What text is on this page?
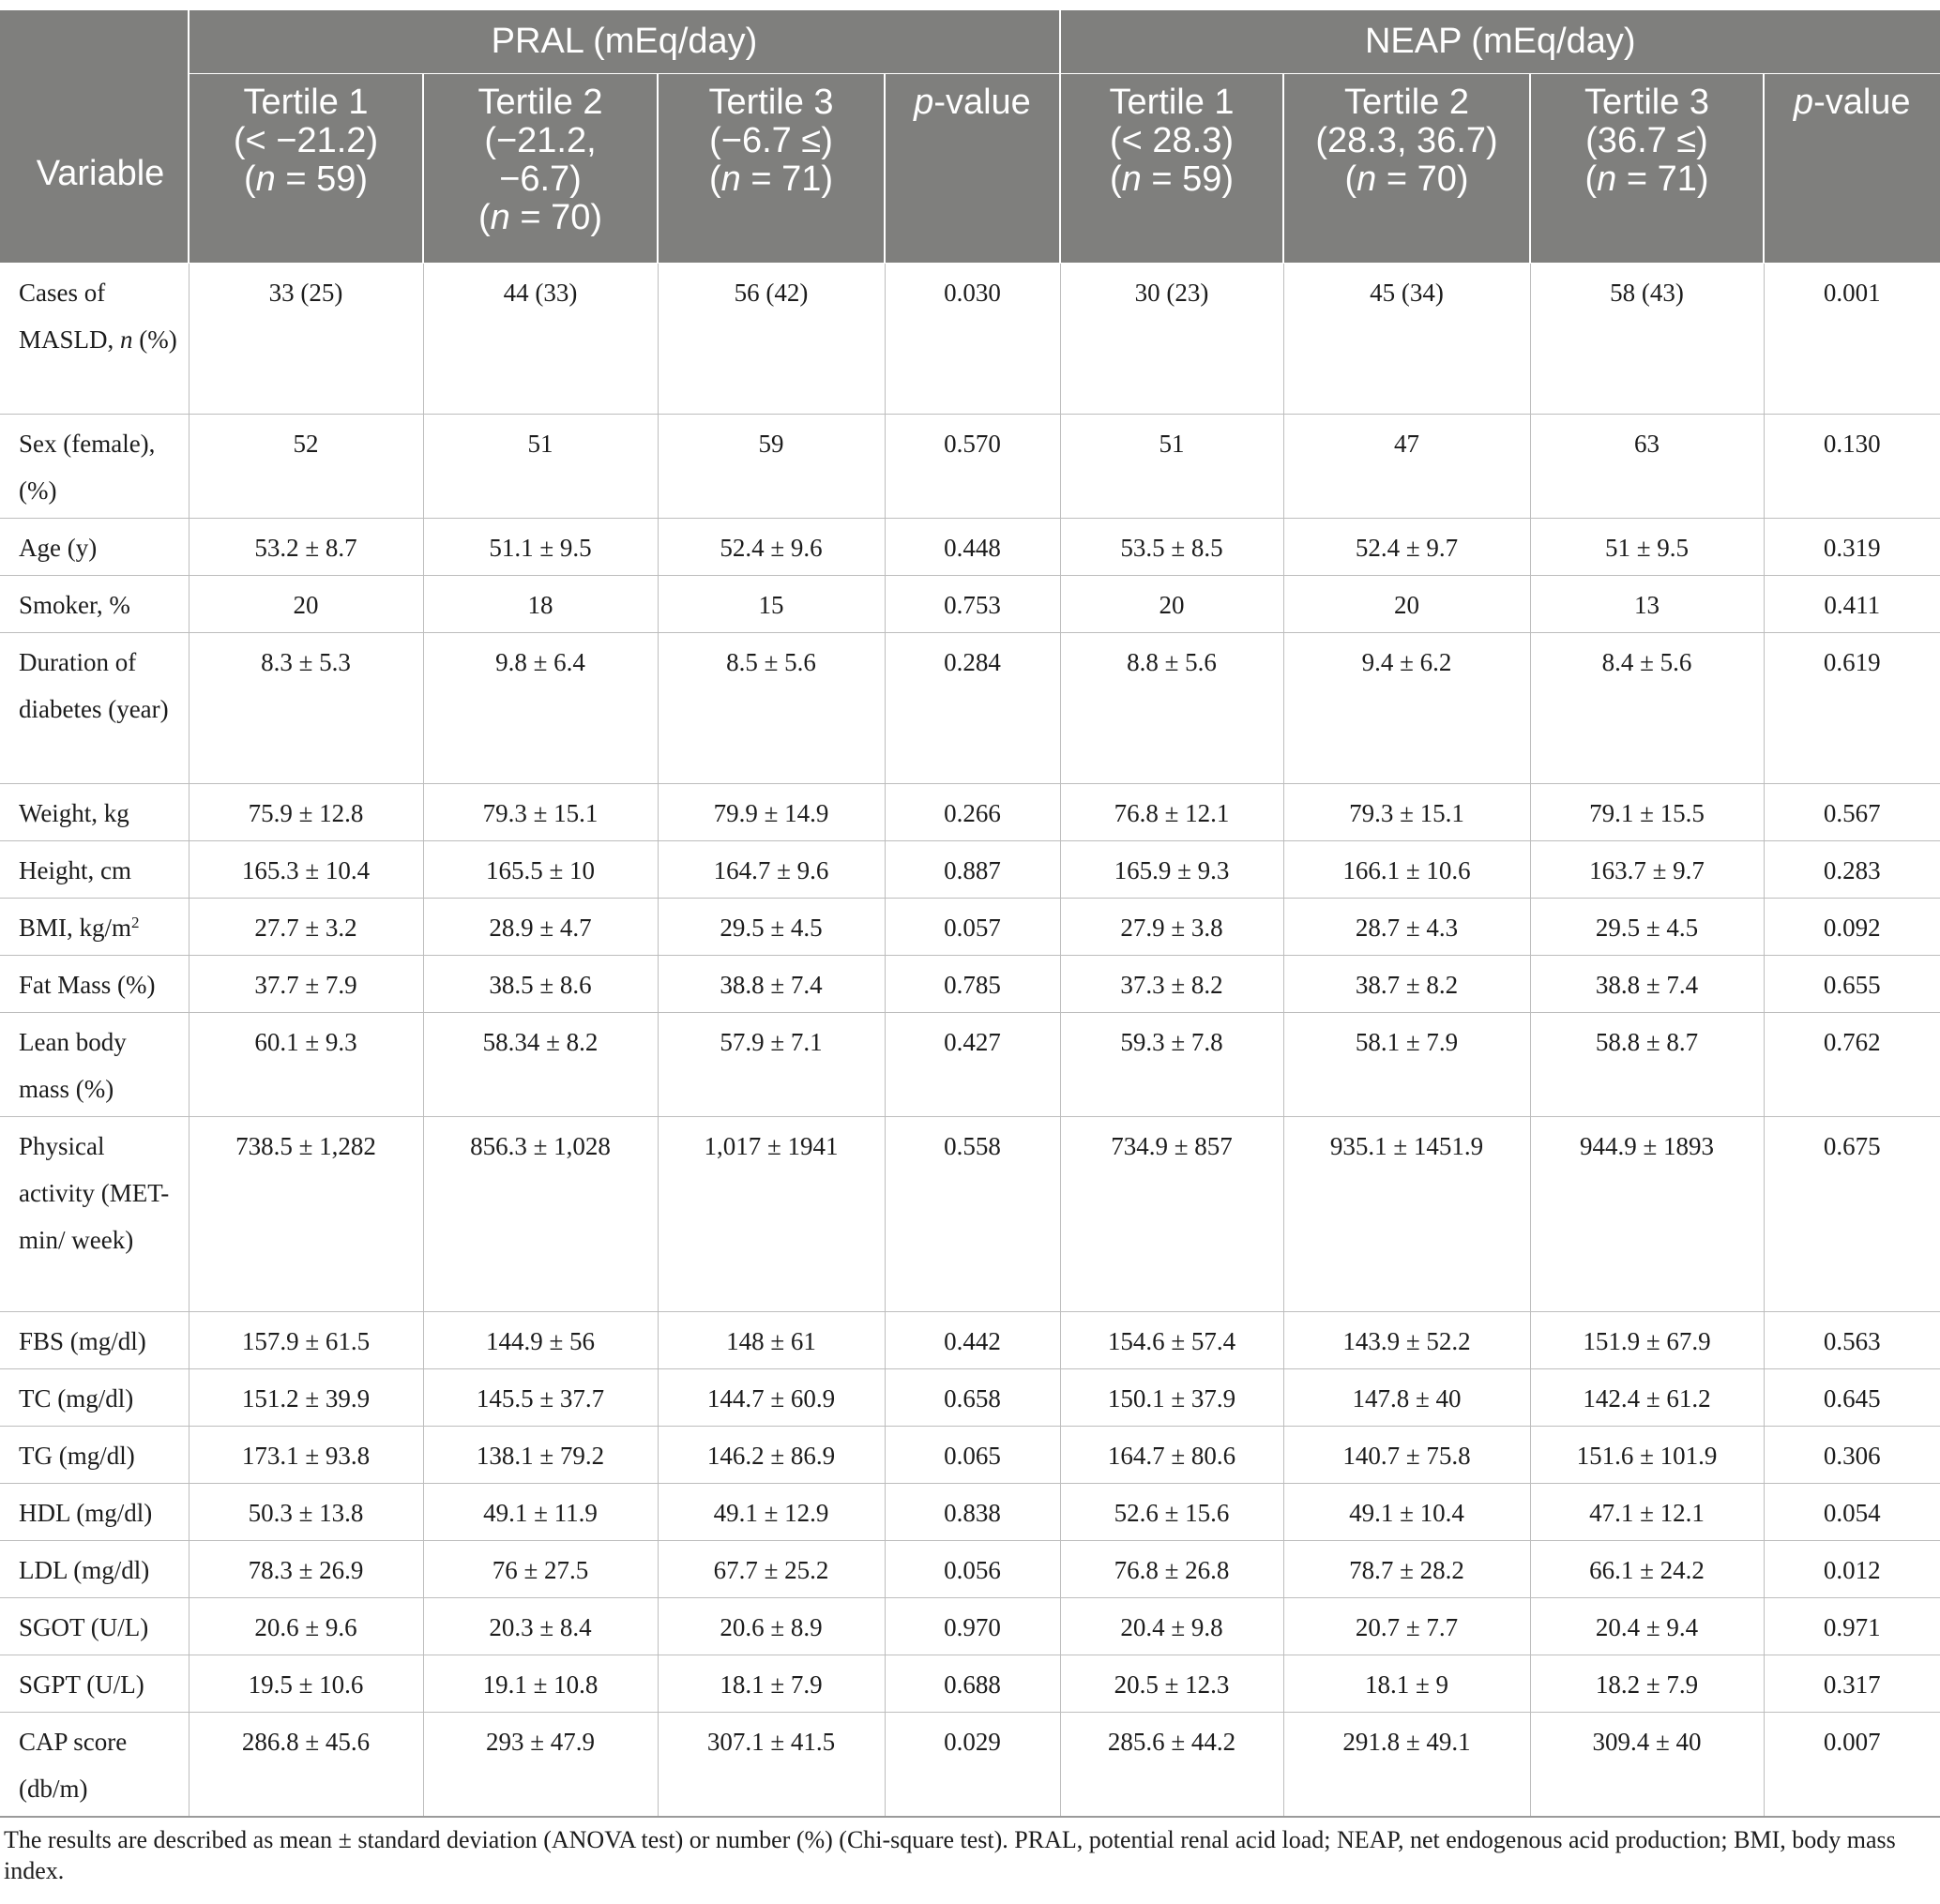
Variable	PRAL (mEq/day)				NEAP (mEq/day)			
	Tertile 1
(< −21.2)
(n = 59)	Tertile 2
(−21.2,
−6.7)
(n = 70)	Tertile 3
(−6.7 ≤)
(n = 71)	p-value	Tertile 1
(< 28.3)
(n = 59)	Tertile 2
(28.3, 36.7)
(n = 70)	Tertile 3
(36.7 ≤)
(n = 71)	p-value
Cases of MASLD, n (%)	33 (25)	44 (33)	56 (42)	0.030	30 (23)	45 (34)	58 (43)	0.001
Sex (female), (%)	52	51	59	0.570	51	47	63	0.130
Age (y)	53.2 ± 8.7	51.1 ± 9.5	52.4 ± 9.6	0.448	53.5 ± 8.5	52.4 ± 9.7	51 ± 9.5	0.319
Smoker, %	20	18	15	0.753	20	20	13	0.411
Duration of diabetes (year)	8.3 ± 5.3	9.8 ± 6.4	8.5 ± 5.6	0.284	8.8 ± 5.6	9.4 ± 6.2	8.4 ± 5.6	0.619
Weight, kg	75.9 ± 12.8	79.3 ± 15.1	79.9 ± 14.9	0.266	76.8 ± 12.1	79.3 ± 15.1	79.1 ± 15.5	0.567
Height, cm	165.3 ± 10.4	165.5 ± 10	164.7 ± 9.6	0.887	165.9 ± 9.3	166.1 ± 10.6	163.7 ± 9.7	0.283
BMI, $kg/m^2$	27.7 ± 3.2	28.9 ± 4.7	29.5 ± 4.5	0.057	27.9 ± 3.8	28.7 ± 4.3	29.5 ± 4.5	0.092
Fat Mass (%)	37.7 ± 7.9	38.5 ± 8.6	38.8 ± 7.4	0.785	37.3 ± 8.2	38.7 ± 8.2	38.8 ± 7.4	0.655
Lean body mass (%)	60.1 ± 9.3	58.34 ± 8.2	57.9 ± 7.1	0.427	59.3 ± 7.8	58.1 ± 7.9	58.8 ± 8.7	0.762
Physical activity (MET-min/ week)	738.5 ± 1,282	856.3 ± 1,028	1,017 ± 1941	0.558	734.9 ± 857	935.1 ± 1451.9	944.9 ± 1893	0.675
FBS (mg/dl)	157.9 ± 61.5	144.9 ± 56	148 ± 61	0.442	154.6 ± 57.4	143.9 ± 52.2	151.9 ± 67.9	0.563
TC (mg/dl)	151.2 ± 39.9	145.5 ± 37.7	144.7 ± 60.9	0.658	150.1 ± 37.9	147.8 ± 40	142.4 ± 61.2	0.645
TG (mg/dl)	173.1 ± 93.8	138.1 ± 79.2	146.2 ± 86.9	0.065	164.7 ± 80.6	140.7 ± 75.8	151.6 ± 101.9	0.306
HDL (mg/dl)	50.3 ± 13.8	49.1 ± 11.9	49.1 ± 12.9	0.838	52.6 ± 15.6	49.1 ± 10.4	47.1 ± 12.1	0.054
LDL (mg/dl)	78.3 ± 26.9	76 ± 27.5	67.7 ± 25.2	0.056	76.8 ± 26.8	78.7 ± 28.2	66.1 ± 24.2	0.012
SGOT (U/L)	20.6 ± 9.6	20.3 ± 8.4	20.6 ± 8.9	0.970	20.4 ± 9.8	20.7 ± 7.7	20.4 ± 9.4	0.971
SGPT (U/L)	19.5 ± 10.6	19.1 ± 10.8	18.1 ± 7.9	0.688	20.5 ± 12.3	18.1 ± 9	18.2 ± 7.9	0.317
CAP score (db/m)	286.8 ± 45.6	293 ± 47.9	307.1 ± 41.5	0.029	285.6 ± 44.2	291.8 ± 49.1	309.4 ± 40	0.007

The results are described as mean ± standard deviation (ANOVA test) or number (%) (Chi-square test). PRAL, potential renal acid load; NEAP, net endogenous acid production; BMI, body mass index.
